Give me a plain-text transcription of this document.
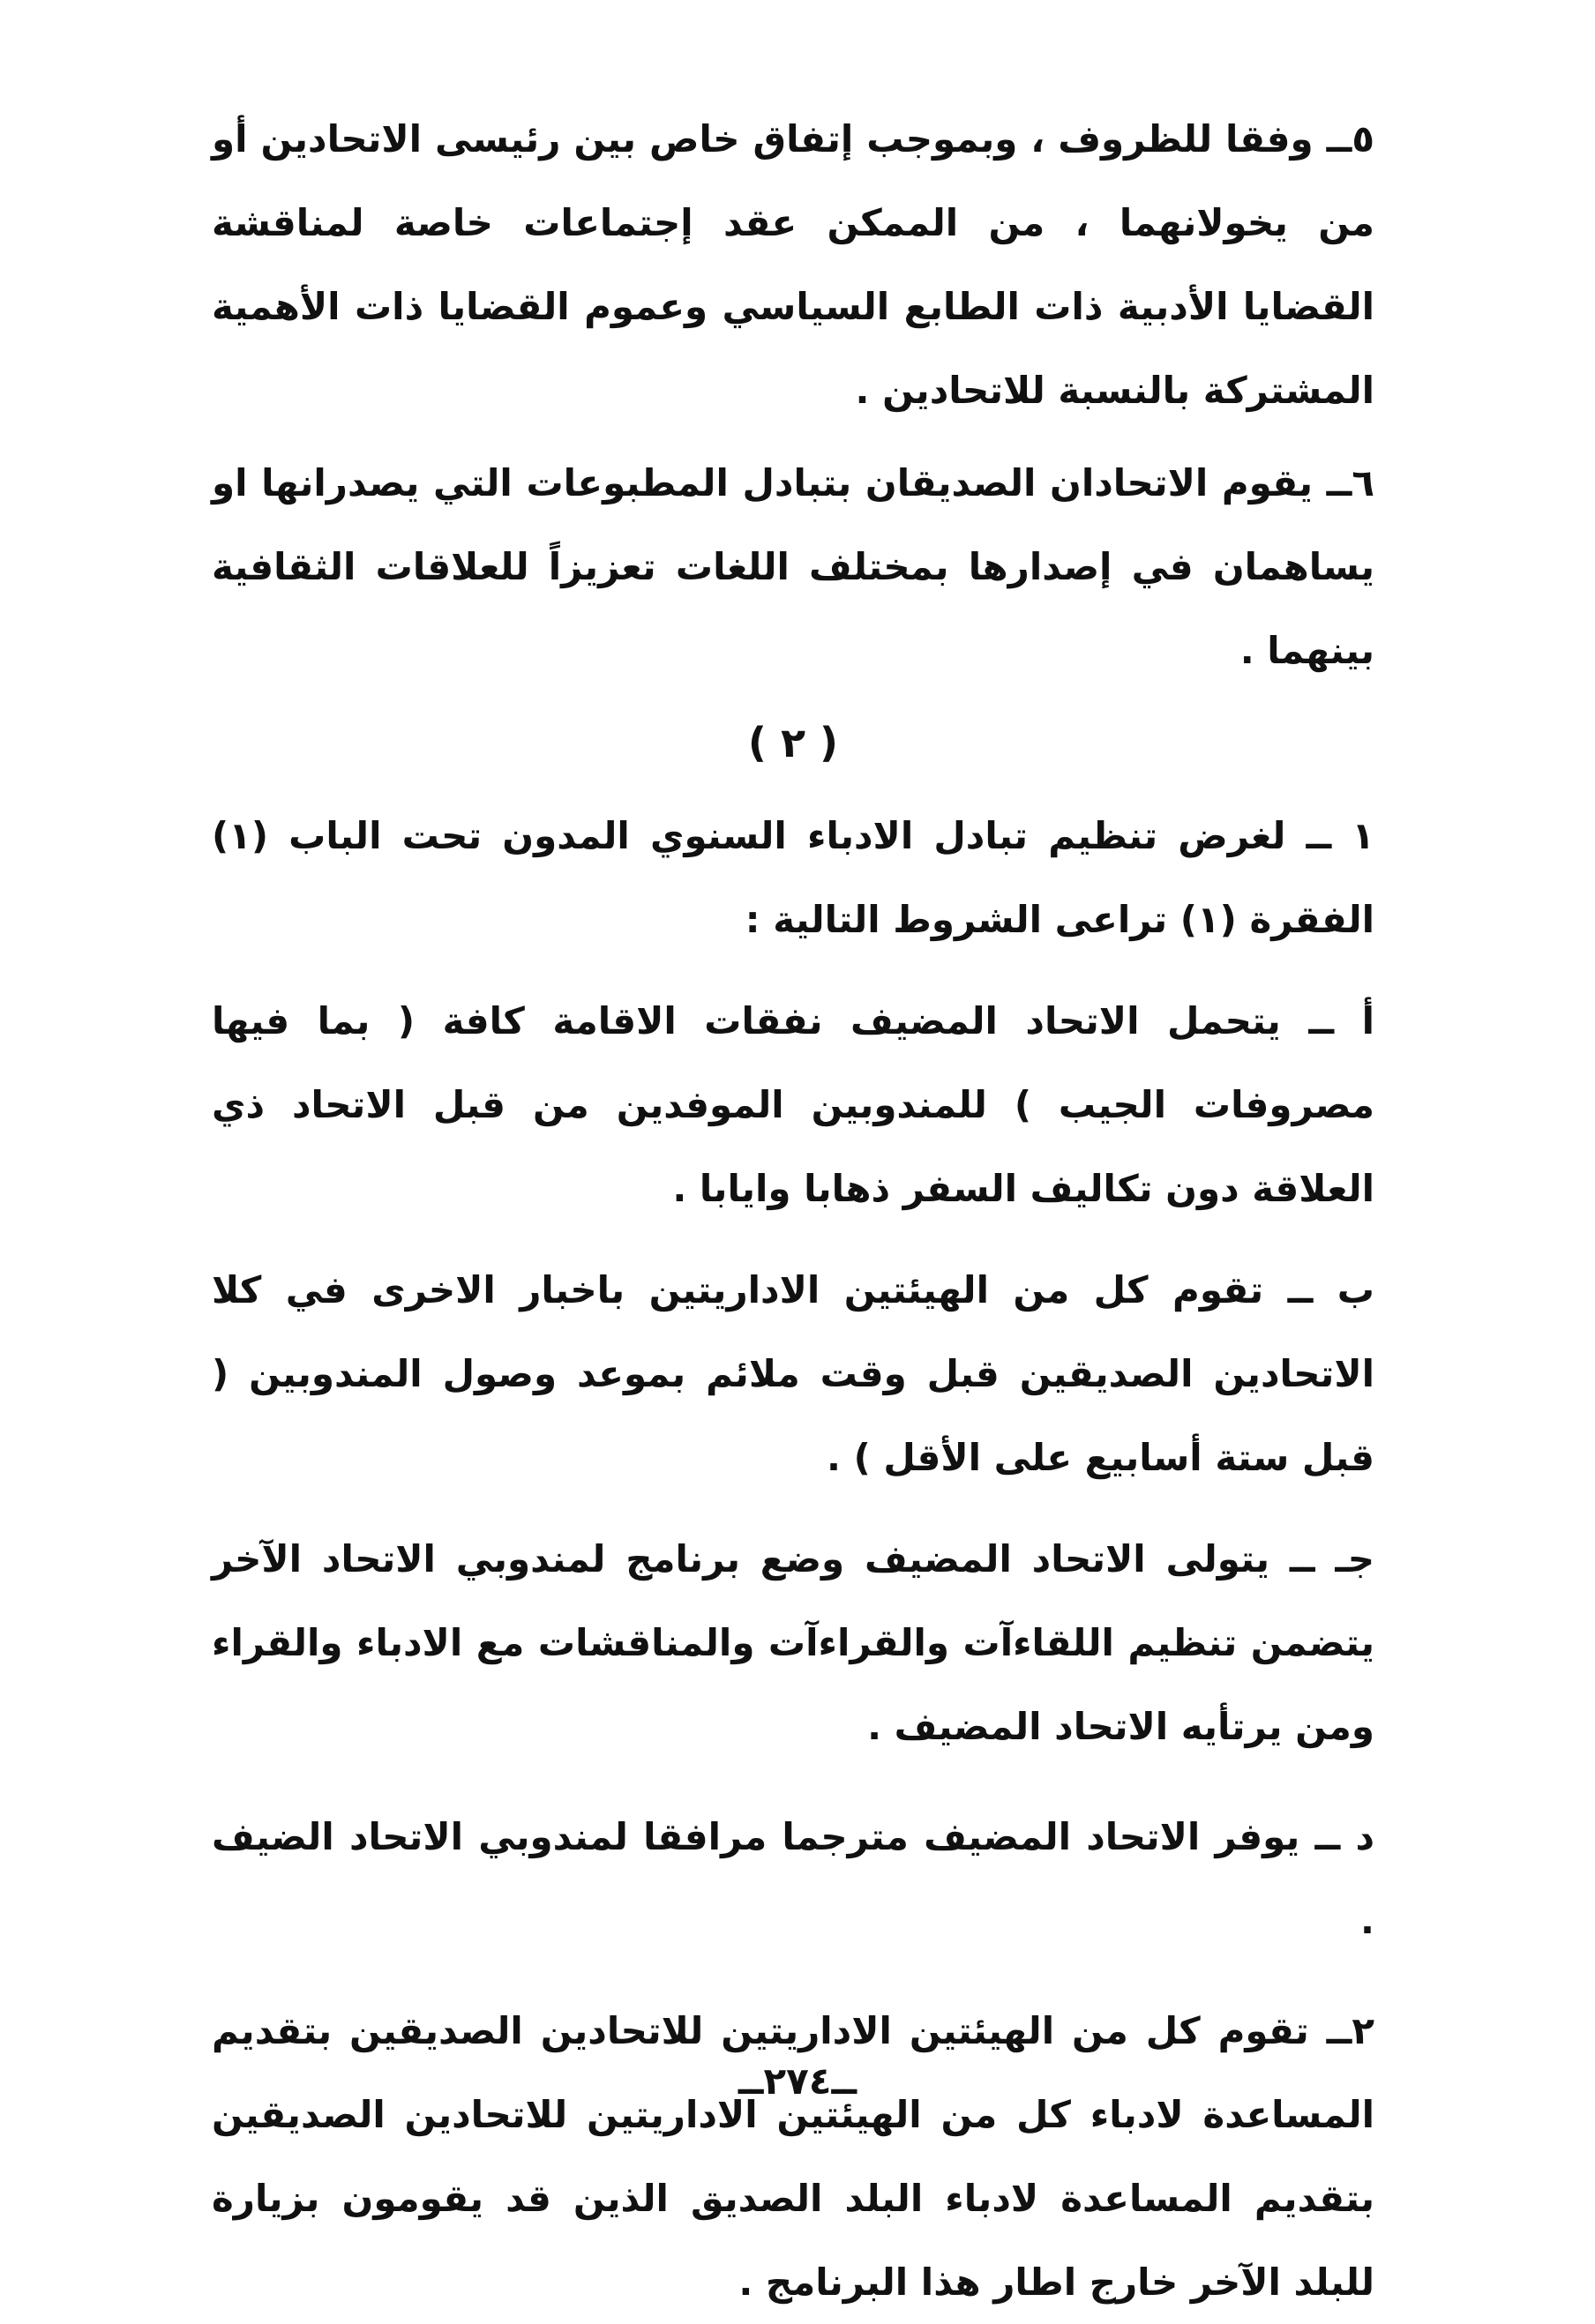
٥ــ وفقا للظروف ، وبموجب إتفاق خاص بين رئيسى الاتحادين أو من يخولانهما ، من الممكن عقد إجتماعات خاصة لمناقشة القضايا الأدبية ذات الطابع السياسي وعموم القضايا ذات الأهمية المشتركة بالنسبة للاتحادين .

٦ــ يقوم الاتحادان الصديقان بتبادل المطبوعات التي يصدرانها او يساهمان في إصدارها بمختلف اللغات تعزيزاً للعلاقات الثقافية بينهما .

( ٢ )

١ ــ لغرض تنظيم تبادل الادباء السنوي المدون تحت الباب (١) الفقرة (١) تراعى الشروط التالية :

أ ــ يتحمل الاتحاد المضيف نفقات الاقامة كافة ( بما فيها مصروفات الجيب ) للمندوبين الموفدين من قبل الاتحاد ذي العلاقة دون تكاليف السفر ذهابا وايابا .

ب ــ تقوم كل من الهيئتين الاداريتين باخبار الاخرى في كلا الاتحادين الصديقين قبل وقت ملائم بموعد وصول المندوبين ( قبل ستة أسابيع على الأقل ) .

جـ ــ يتولى الاتحاد المضيف وضع برنامج لمندوبي الاتحاد الآخر يتضمن تنظيم اللقاءآت والقراءآت والمناقشات مع الادباء والقراء ومن يرتأيه الاتحاد المضيف .

د ــ يوفر الاتحاد المضيف مترجما مرافقا لمندوبي الاتحاد الضيف .

٢ــ تقوم كل من الهيئتين الاداريتين للاتحادين الصديقين بتقديم المساعدة لادباء كل من الهيئتين الاداريتين للاتحادين الصديقين بتقديم المساعدة لادباء البلد الصديق الذين قد يقومون بزيارة للبلد الآخر خارج اطار هذا البرنامج .

ــ٢٧٤ــ
